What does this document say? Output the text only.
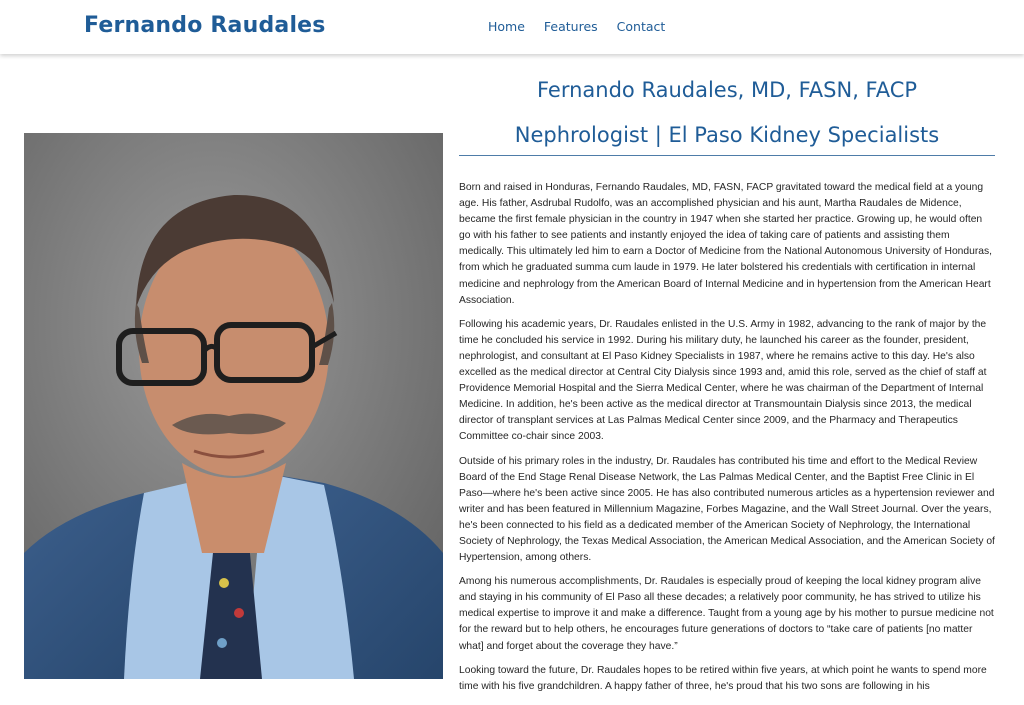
Fernando Raudales	Home Features Contact
Fernando Raudales, MD, FASN, FACP
Nephrologist | El Paso Kidney Specialists

Born and raised in Honduras, Fernando Raudales, MD, FASN, FACP gravitated toward the medical field at a young age. His father, Asdrubal Rudolfo, was an accomplished physician and his aunt, Martha Raudales de Midence, became the first female physician in the country in 1947 when she started her practice. Growing up, he would often go with his father to see patients and instantly enjoyed the idea of taking care of patients and assisting them medically. This ultimately led him to earn a Doctor of Medicine from the National Autonomous University of Honduras, from which he graduated summa cum laude in 1979. He later bolstered his credentials with certification in internal medicine and nephrology from the American Board of Internal Medicine and in hypertension from the American Heart Association.

Following his academic years, Dr. Raudales enlisted in the U.S. Army in 1982, advancing to the rank of major by the time he concluded his service in 1992. During his military duty, he launched his career as the founder, president, nephrologist, and consultant at El Paso Kidney Specialists in 1987, where he remains active to this day. He's also excelled as the medical director at Central City Dialysis since 1993 and, amid this role, served as the chief of staff at Providence Memorial Hospital and the Sierra Medical Center, where he was chairman of the Department of Internal Medicine. In addition, he's been active as the medical director at Transmountain Dialysis since 2013, the medical director of transplant services at Las Palmas Medical Center since 2009, and the Pharmacy and Therapeutics Committee co-chair since 2003.

Outside of his primary roles in the industry, Dr. Raudales has contributed his time and effort to the Medical Review Board of the End Stage Renal Disease Network, the Las Palmas Medical Center, and the Baptist Free Clinic in El Paso—where he's been active since 2005. He has also contributed numerous articles as a hypertension reviewer and writer and has been featured in Millennium Magazine, Forbes Magazine, and the Wall Street Journal. Over the years, he's been connected to his field as a dedicated member of the American Society of Nephrology, the International Society of Nephrology, the Texas Medical Association, the American Medical Association, and the American Society of Hypertension, among others.

Among his numerous accomplishments, Dr. Raudales is especially proud of keeping the local kidney program alive and staying in his community of El Paso all these decades; a relatively poor community, he has strived to utilize his medical expertise to improve it and make a difference. Taught from a young age by his mother to pursue medicine not for the reward but to help others, he encourages future generations of doctors to “take care of patients [no matter what] and forget about the coverage they have.”

Looking toward the future, Dr. Raudales hopes to be retired within five years, at which point he wants to spend more time with his five grandchildren. A happy father of three, he's proud that his two sons are following in his
